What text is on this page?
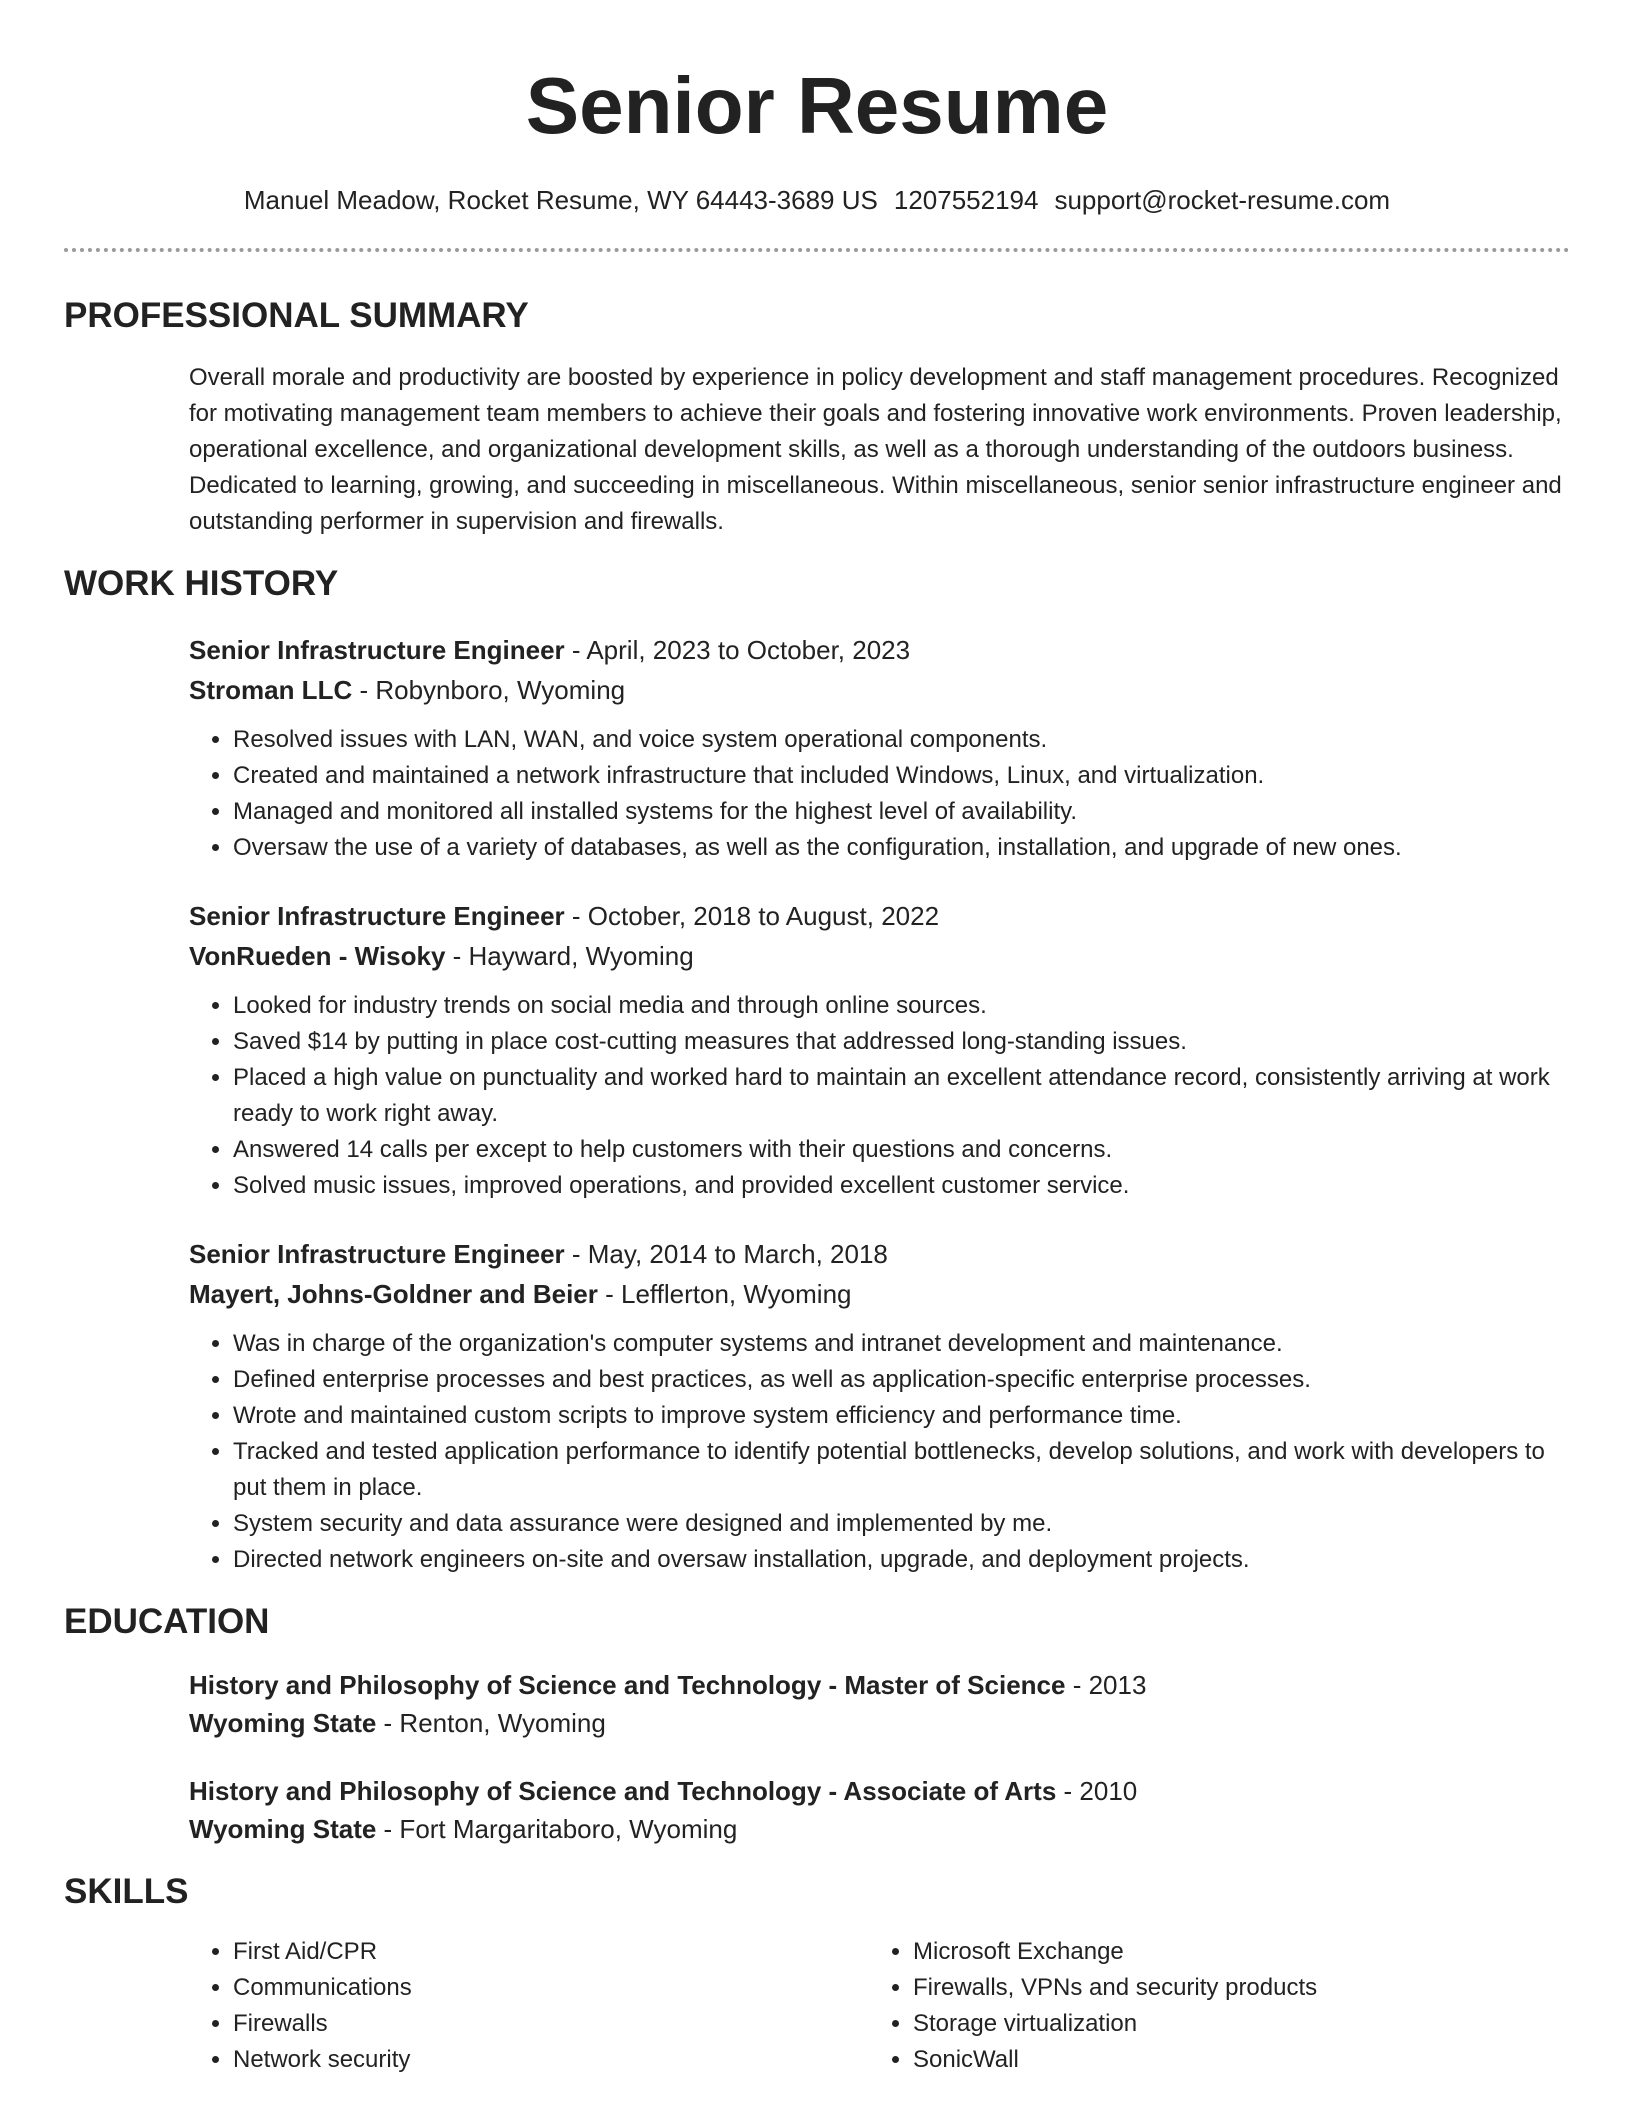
Senior Resume
Manuel Meadow, Rocket Resume, WY 64443-3689 US 1207552194 support@rocket-resume.com
PROFESSIONAL SUMMARY
Overall morale and productivity are boosted by experience in policy development and staff management procedures. Recognized for motivating management team members to achieve their goals and fostering innovative work environments. Proven leadership, operational excellence, and organizational development skills, as well as a thorough understanding of the outdoors business. Dedicated to learning, growing, and succeeding in miscellaneous. Within miscellaneous, senior senior infrastructure engineer and outstanding performer in supervision and firewalls.
WORK HISTORY
Senior Infrastructure Engineer - April, 2023 to October, 2023
Stroman LLC - Robynboro, Wyoming
• Resolved issues with LAN, WAN, and voice system operational components.
• Created and maintained a network infrastructure that included Windows, Linux, and virtualization.
• Managed and monitored all installed systems for the highest level of availability.
• Oversaw the use of a variety of databases, as well as the configuration, installation, and upgrade of new ones.
Senior Infrastructure Engineer - October, 2018 to August, 2022
VonRueden - Wisoky - Hayward, Wyoming
• Looked for industry trends on social media and through online sources.
• Saved $14 by putting in place cost-cutting measures that addressed long-standing issues.
• Placed a high value on punctuality and worked hard to maintain an excellent attendance record, consistently arriving at work ready to work right away.
• Answered 14 calls per except to help customers with their questions and concerns.
• Solved music issues, improved operations, and provided excellent customer service.
Senior Infrastructure Engineer - May, 2014 to March, 2018
Mayert, Johns-Goldner and Beier - Lefflerton, Wyoming
• Was in charge of the organization's computer systems and intranet development and maintenance.
• Defined enterprise processes and best practices, as well as application-specific enterprise processes.
• Wrote and maintained custom scripts to improve system efficiency and performance time.
• Tracked and tested application performance to identify potential bottlenecks, develop solutions, and work with developers to put them in place.
• System security and data assurance were designed and implemented by me.
• Directed network engineers on-site and oversaw installation, upgrade, and deployment projects.
EDUCATION
History and Philosophy of Science and Technology - Master of Science - 2013
Wyoming State - Renton, Wyoming
History and Philosophy of Science and Technology - Associate of Arts - 2010
Wyoming State - Fort Margaritaboro, Wyoming
SKILLS
• First Aid/CPR
• Communications
• Firewalls
• Network security
• Microsoft Exchange
• Firewalls, VPNs and security products
• Storage virtualization
• SonicWall
